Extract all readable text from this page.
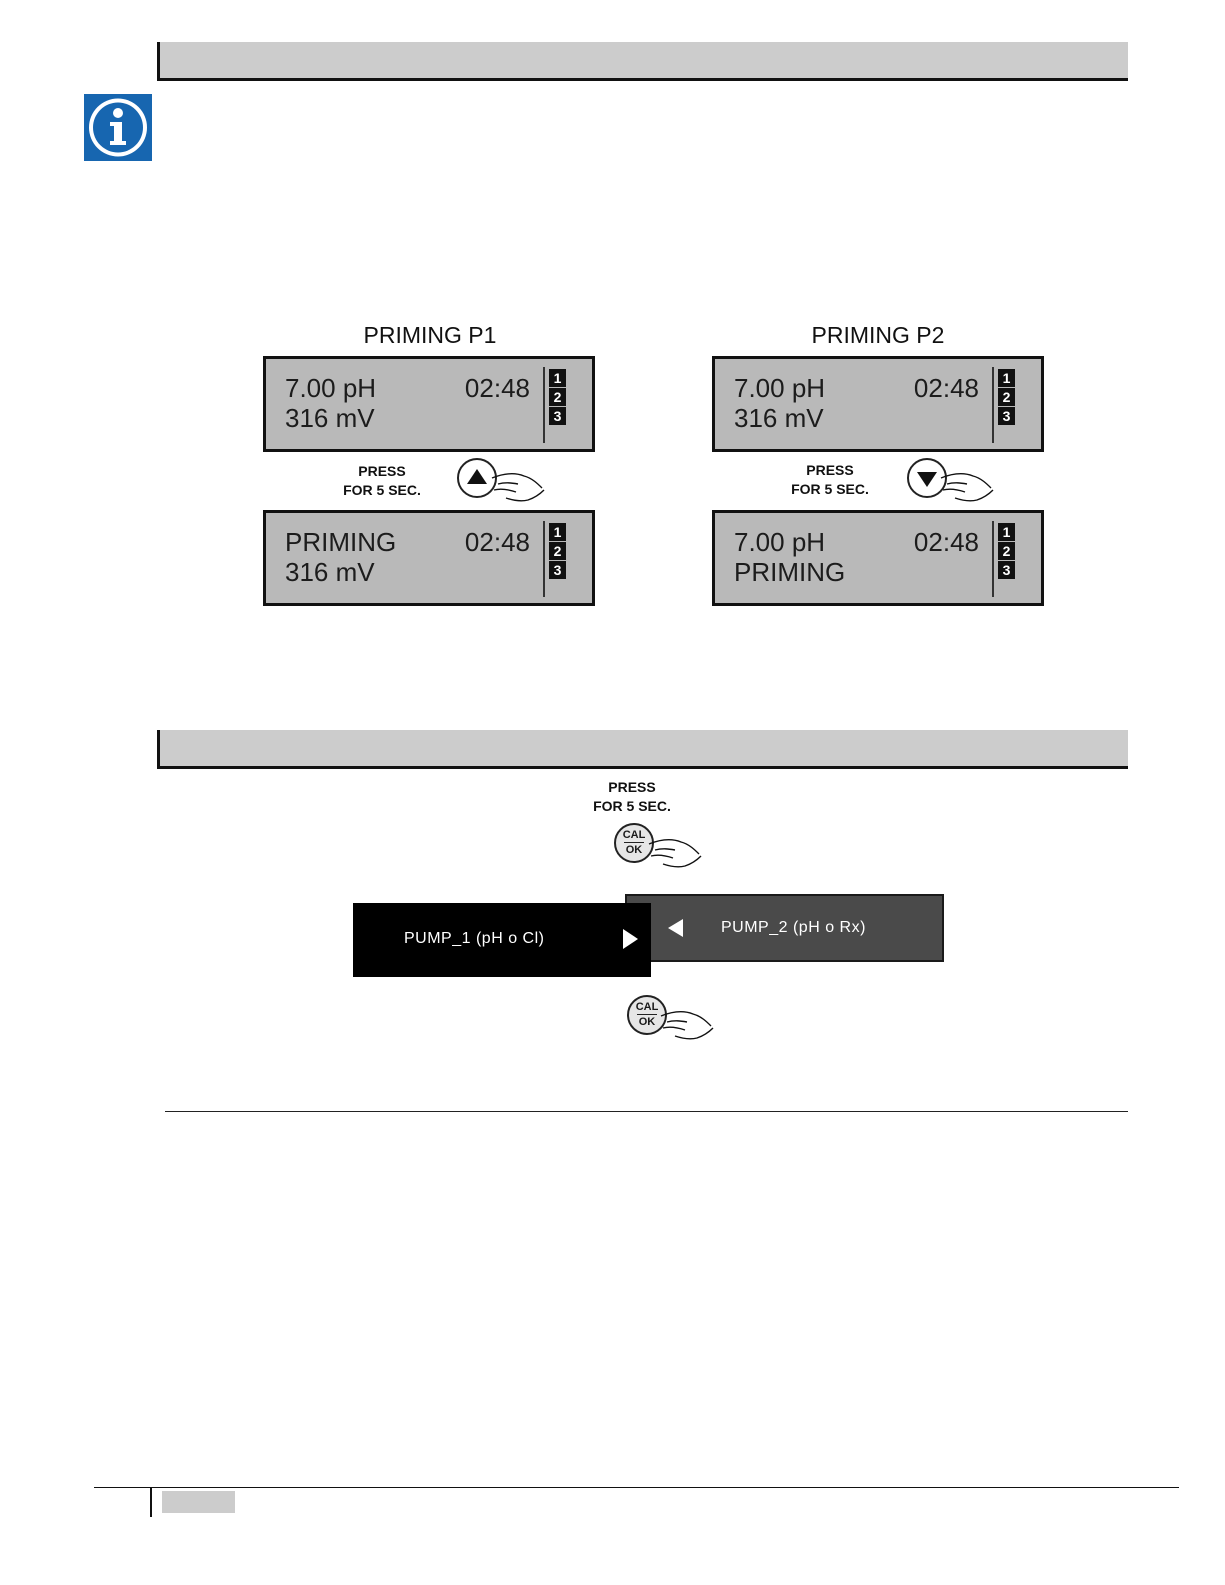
PRIMING P1
7.00 pH
316 mV
02:48	1
2
3
PRESS
FOR 5 SEC.
PRIMING
316 mV
02:48	1
2
3
PRIMING P2
7.00 pH
316 mV
02:48	1
2
3
PRESS
FOR 5 SEC.
7.00 pH
PRIMING
02:48	1
2
3
PRESS
FOR 5 SEC.
CAL
OK
PUMP_2 (pH o Rx)
PUMP_1 (pH o Cl)
CAL
OK
